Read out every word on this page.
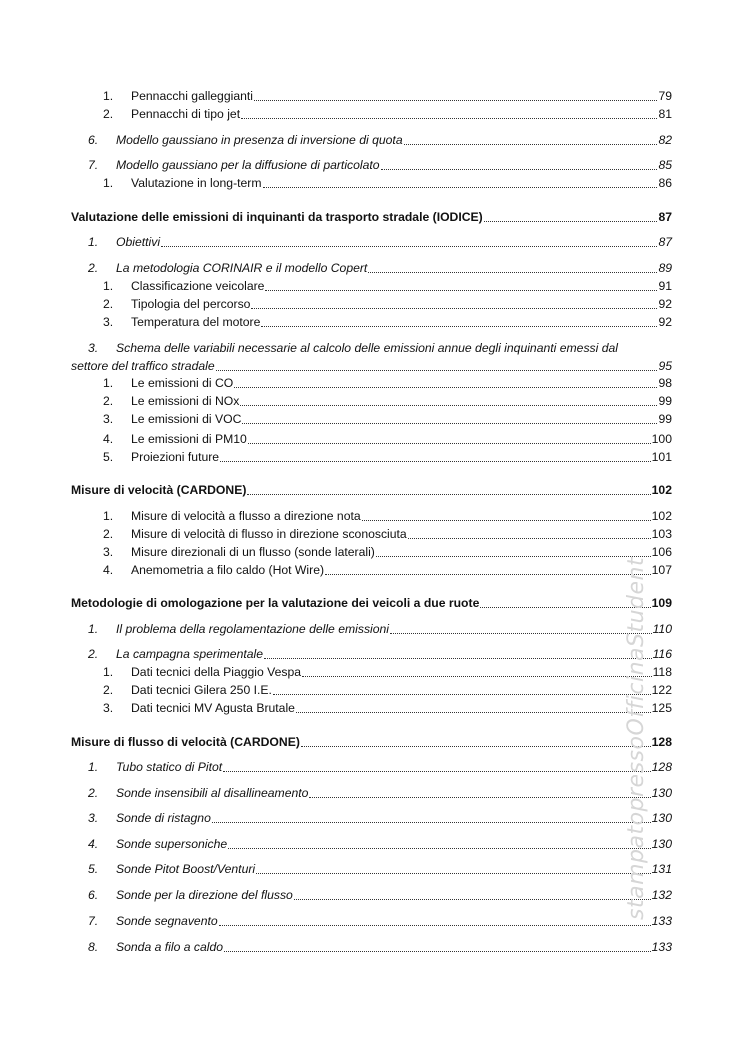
1.	Pennacchi galleggianti	79
2.	Pennacchi di tipo jet	81
6.	Modello gaussiano in presenza di inversione di quota	82
7.	Modello gaussiano per la diffusione di particolato	85
1.	Valutazione in long-term	86
Valutazione delle emissioni di inquinanti da trasporto stradale (IODICE)	87
1.	Obiettivi	87
2.	La metodologia CORINAIR e il modello Copert	89
1.	Classificazione veicolare	91
2.	Tipologia del percorso	92
3.	Temperatura del motore	92
3. Schema delle variabili necessarie al calcolo delle emissioni annue degli inquinanti emessi dal
settore del traffico stradale	95
1.	Le emissioni di CO	98
2.	Le emissioni di NOx	99
3.	Le emissioni di VOC	99
4.	Le emissioni di PM10	100
5.	Proiezioni future	101
Misure di velocità (CARDONE)	102
1.	Misure di velocità a flusso a direzione nota	102
2.	Misure di velocità di flusso in direzione sconosciuta	103
3.	Misure direzionali di un flusso (sonde laterali)	106
4.	Anemometria a filo caldo (Hot Wire)	107
Metodologie di omologazione per la valutazione dei veicoli a due ruote	109
1.	Il problema della regolamentazione delle emissioni	110
2.	La campagna sperimentale	116
1.	Dati tecnici della Piaggio Vespa	118
2.	Dati tecnici Gilera 250 I.E.	122
3.	Dati tecnici MV Agusta Brutale	125
Misure di flusso di velocità (CARDONE)	128
1.	Tubo statico di Pitot	128
2.	Sonde insensibili al disallineamento	130
3.	Sonde di ristagno	130
4.	Sonde supersoniche	130
5.	Sonde Pitot Boost/Venturi	131
6.	Sonde per la direzione del flusso	132
7.	Sonde segnavento	133
8.	Sonda a filo a caldo	133
stampatopressoOfficinaStudent
